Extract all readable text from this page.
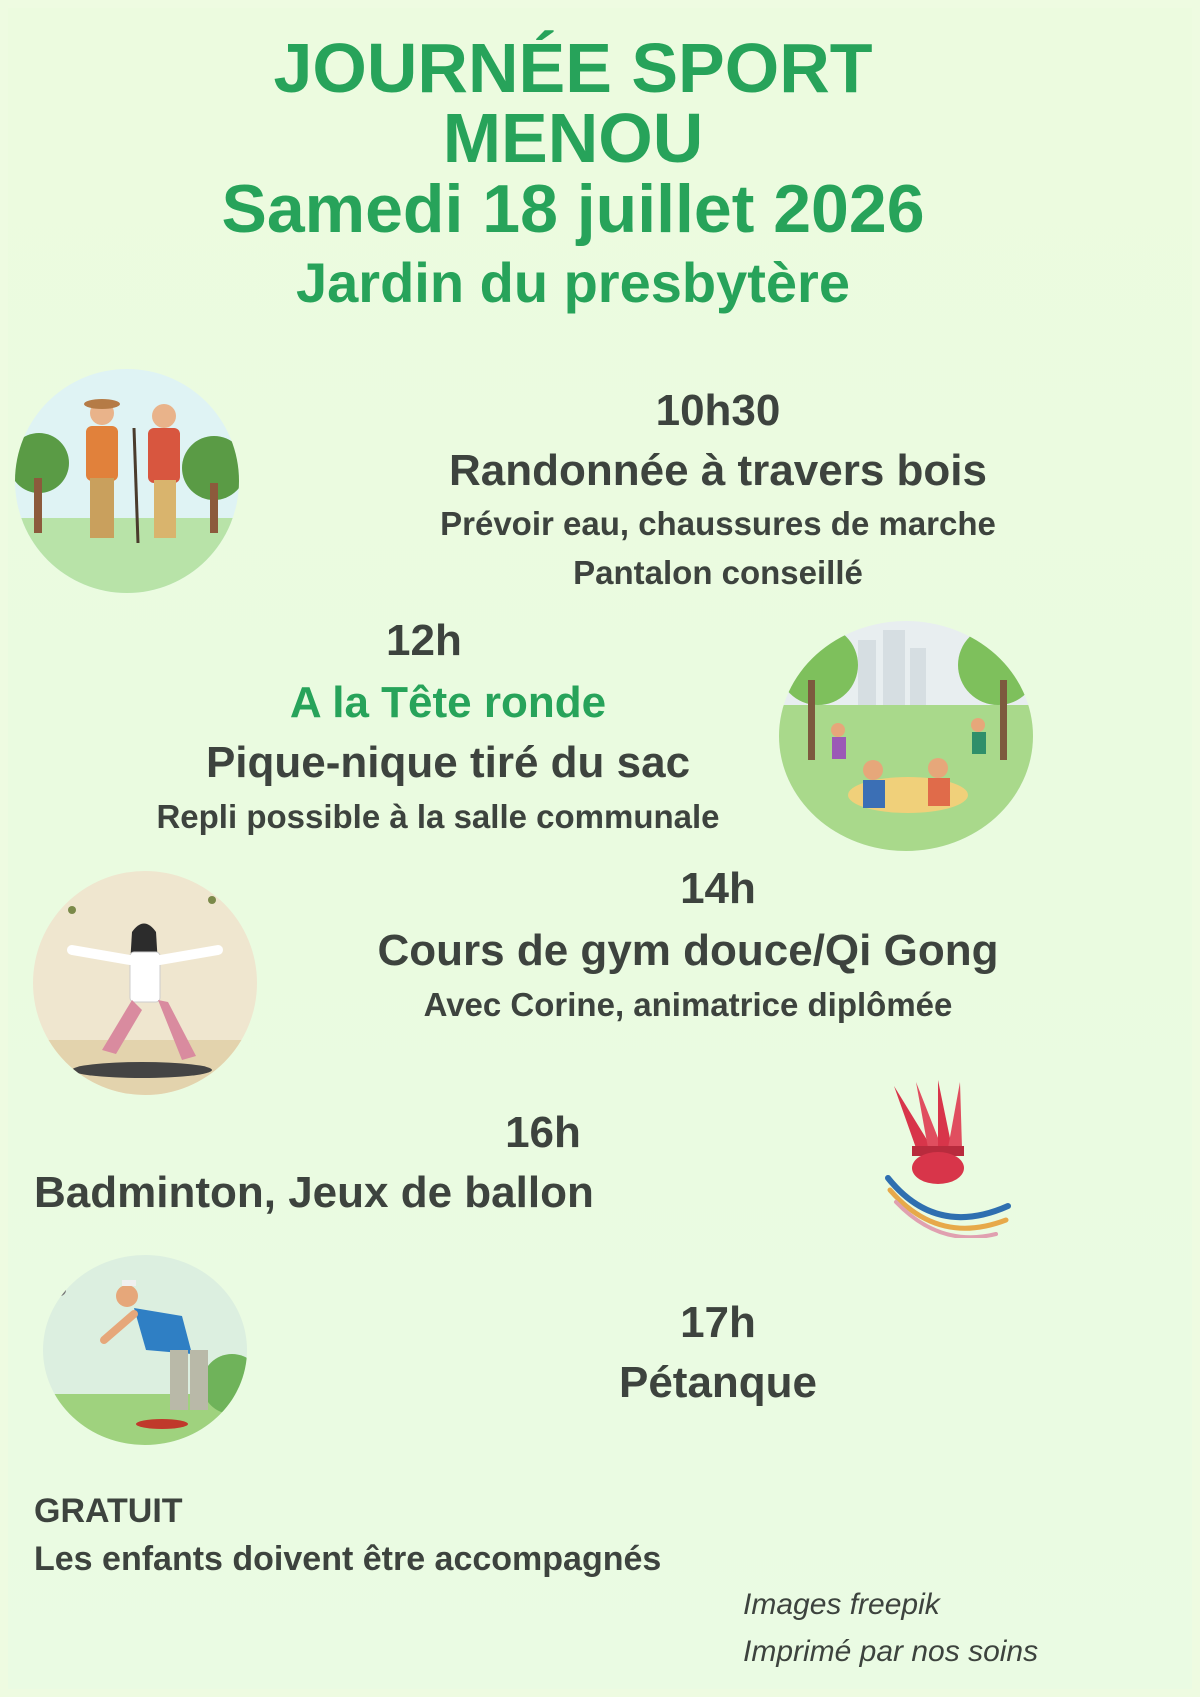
JOURNÉE SPORT
MENOU
Samedi 18 juillet 2026
Jardin du presbytère
10h30
Randonnée à travers bois
Prévoir eau, chaussures de marche
Pantalon conseillé
12h
A la Tête ronde
Pique-nique tiré du sac
Repli possible à la salle communale
14h
Cours de gym douce/Qi Gong
Avec Corine, animatrice diplômée
16h
Badminton, Jeux de ballon
17h
Pétanque
GRATUIT
Les enfants doivent être accompagnés
Images freepik
Imprimé par nos soins
